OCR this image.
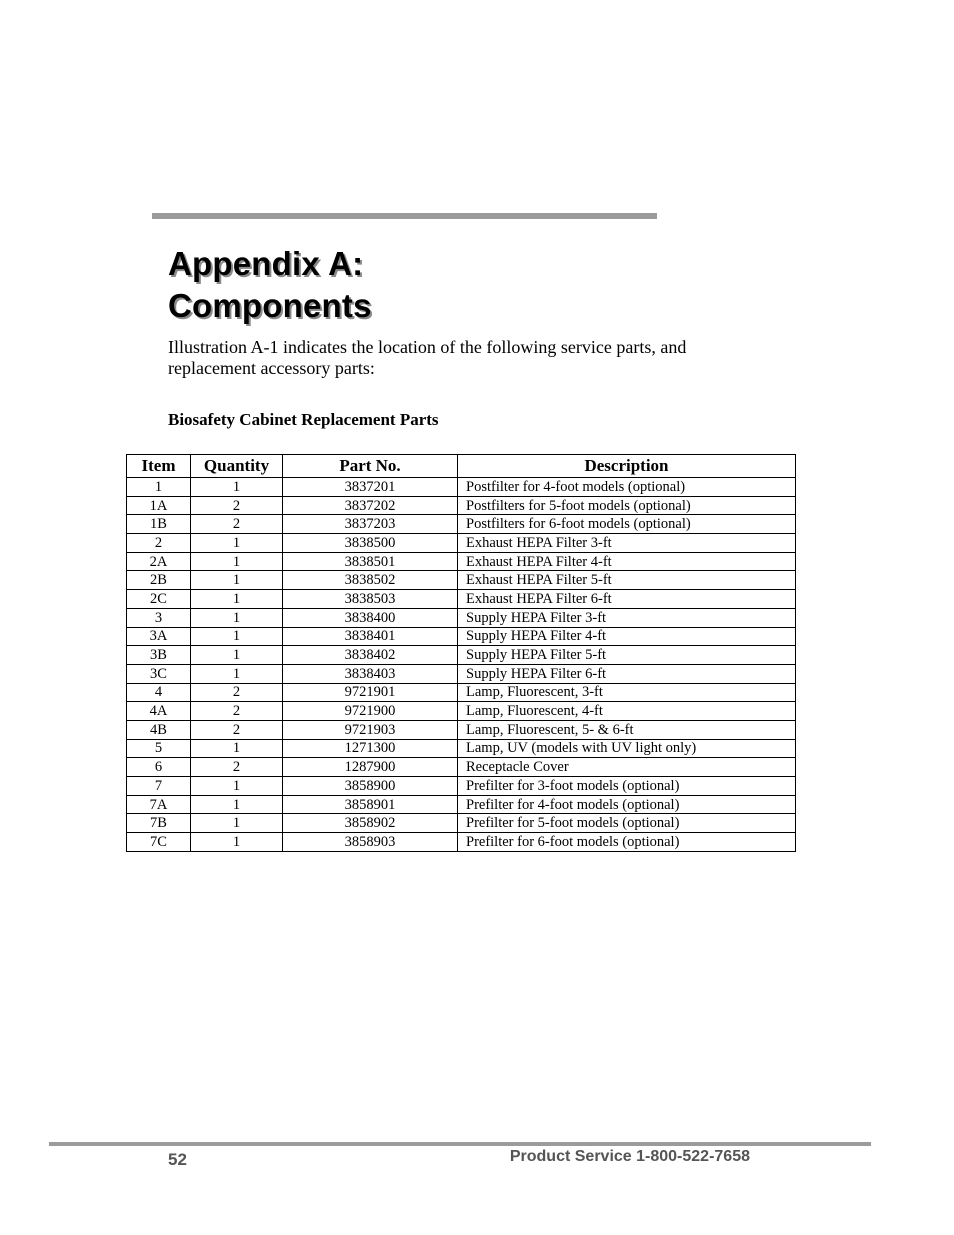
Appendix A:
Components

Illustration A-1 indicates the location of the following service parts, and replacement accessory parts:

Biosafety Cabinet Replacement Parts
Item	Quantity	Part No.	Description
1	1	3837201	Postfilter for 4-foot models (optional)
1A	2	3837202	Postfilters for 5-foot models (optional)
1B	2	3837203	Postfilters for 6-foot models (optional)
2	1	3838500	Exhaust HEPA Filter 3-ft
2A	1	3838501	Exhaust HEPA Filter 4-ft
2B	1	3838502	Exhaust HEPA Filter 5-ft
2C	1	3838503	Exhaust HEPA Filter 6-ft
3	1	3838400	Supply HEPA Filter 3-ft
3A	1	3838401	Supply HEPA Filter 4-ft
3B	1	3838402	Supply HEPA Filter 5-ft
3C	1	3838403	Supply HEPA Filter 6-ft
4	2	9721901	Lamp, Fluorescent, 3-ft
4A	2	9721900	Lamp, Fluorescent, 4-ft
4B	2	9721903	Lamp, Fluorescent, 5- & 6-ft
5	1	1271300	Lamp, UV (models with UV light only)
6	2	1287900	Receptacle Cover
7	1	3858900	Prefilter for 3-foot models (optional)
7A	1	3858901	Prefilter for 4-foot models (optional)
7B	1	3858902	Prefilter for 5-foot models (optional)
7C	1	3858903	Prefilter for 6-foot models (optional)
52	Product Service 1-800-522-7658
